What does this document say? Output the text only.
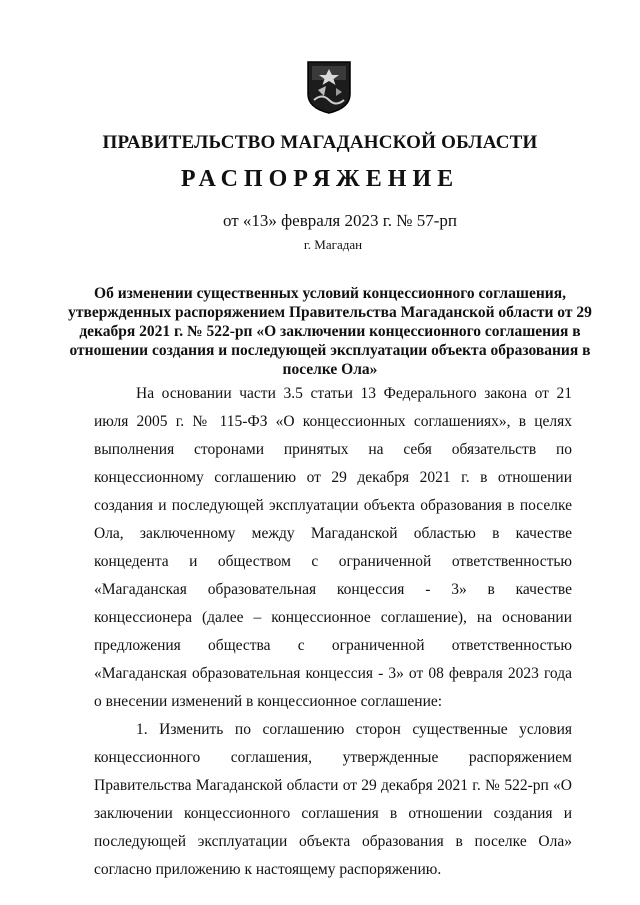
ПРАВИТЕЛЬСТВО МАГАДАНСКОЙ ОБЛАСТИ
РАСПОРЯЖЕНИЕ
от «13» февраля 2023 г. № 57-рп
г. Магадан
Об изменении существенных условий концессионного соглашения, утвержденных распоряжением Правительства Магаданской области от 29 декабря 2021 г. № 522-рп «О заключении концессионного соглашения в отношении создания и последующей эксплуатации объекта образования в поселке Ола»

На основании части 3.5 статьи 13 Федерального закона от 21 июля 2005 г. № 115-ФЗ «О концессионных соглашениях», в целях выполнения сторонами принятых на себя обязательств по концессионному соглашению от 29 декабря 2021 г. в отношении создания и последующей эксплуатации объекта образования в поселке Ола, заключенному между Магаданской областью в качестве концедента и обществом с ограниченной ответственностью «Магаданская образовательная концессия - 3» в качестве концессионера (далее – концессионное соглашение), на основании предложения общества с ограниченной ответственностью «Магаданская образовательная концессия - 3» от 08 февраля 2023 года о внесении изменений в концессионное соглашение:

1. Изменить по соглашению сторон существенные условия концессионного соглашения, утвержденные распоряжением Правительства Магаданской области от 29 декабря 2021 г. № 522-рп «О заключении концессионного соглашения в отношении создания и последующей эксплуатации объекта образования в поселке Ола» согласно приложению к настоящему распоряжению.
